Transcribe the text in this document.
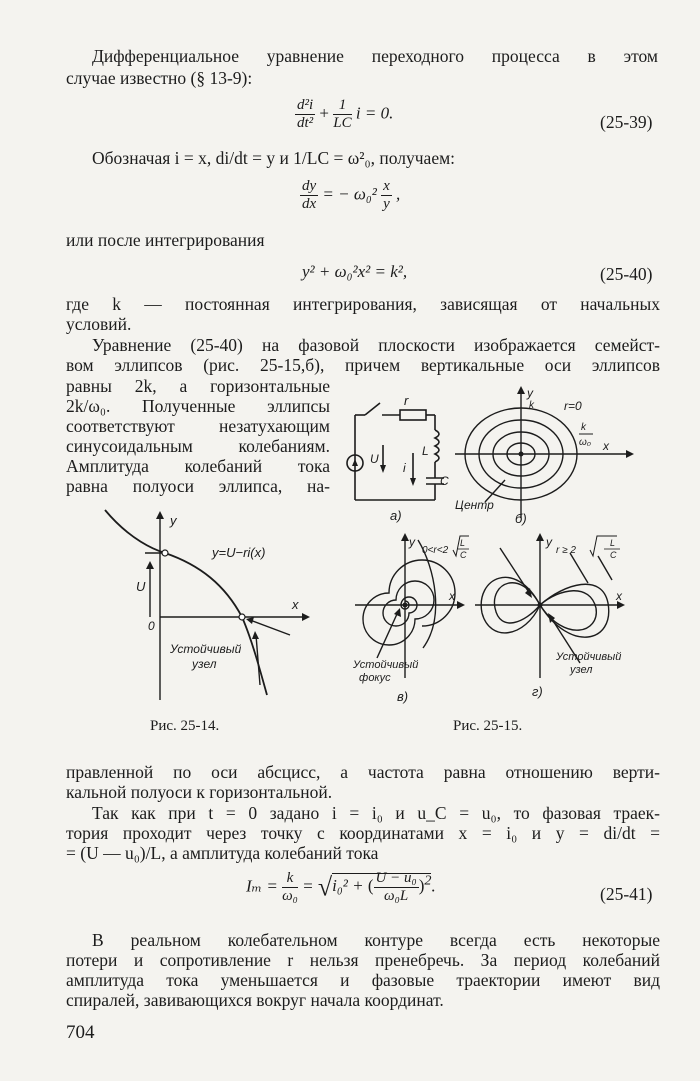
Дифференциальное уравнение переходного процесса в этом
случае известно (§ 13-9):
$\frac{\text{d²i}}{\text{dt²}} + \frac{1}{LC}$ i = 0.	(25-39)
Обозначая i = x, di/dt = y и 1/LC = ω²₀, получаем:
$\frac{dy}{dx}$ = − $\omega_0^2 \frac{x}{y}$ ,
или после интегрирования
y² + ω₀²x² = k²,	(25-40)
где k — постоянная интегрирования, зависящая от начальных
условий.
Уравнение (25-40) на фазовой плоскости изображается семейст-
вом эллипсов (рис. 25-15,б), причем вертикальные оси эллипсов
равны 2k, а горизонтальные
2k/ω₀. Полученные эллипсы
соответствуют незатухающим
синусоидальным колебаниям.
Амплитуда колебаний тока
равна полуоси эллипса, на-
r
L
C
U
i
а)
y
x
r=0
k
k
ω₀
Центр
б)
y
x
0
U
y=U−ri(x)
Устойчивый
узел
y
x
0<r<2
L
C
Устойчивый
фокус
в)
y
x
r ≥ 2
L
C
Устойчивый
узел
г)
Рис. 25-14.	Рис. 25-15.
правленной по оси абсцисс, а частота равна отношению верти-
кальной полуоси к горизонтальной.
Так как при t = 0 задано i = i₀ и u_C = u₀, то фазовая траек-
тория проходит через точку с координатами x = i₀ и y = di/dt =
= (U — u₀)/L, а амплитуда колебаний тока
$I_m = \frac{k}{\text{ω₀}} = √i_0^2$ + ( $\frac{\text{U − u₀}}{\text{ω₀L}} )^2$.	(25-41)
В реальном колебательном контуре всегда есть некоторые
потери и сопротивление r нельзя пренебречь. За период колебаний
амплитуда тока уменьшается и фазовые траектории имеют вид
спиралей, завивающихся вокруг начала координат.
704
